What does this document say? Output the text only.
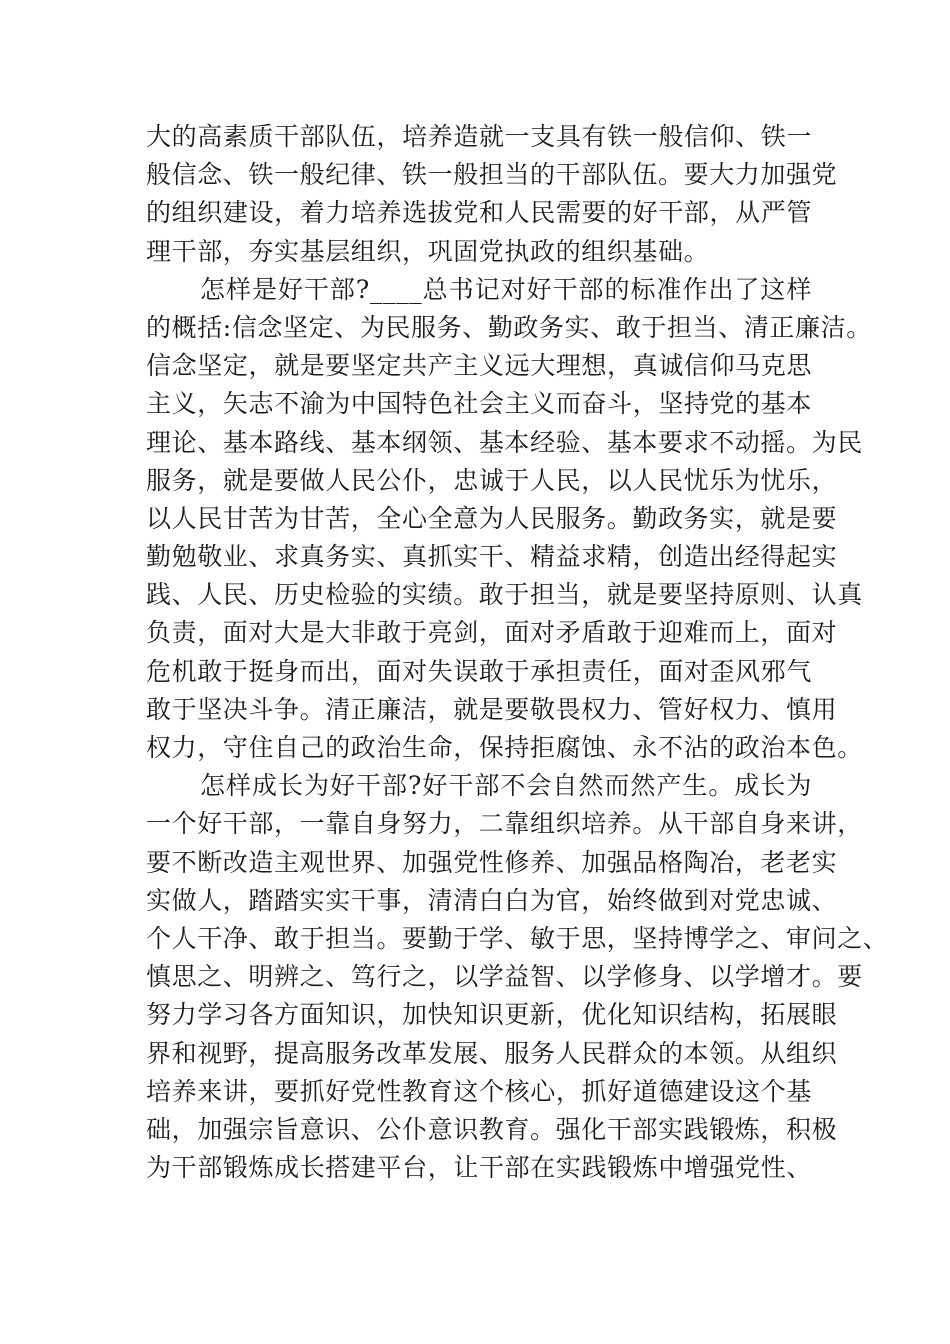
大的高素质干部队伍，培养造就一支具有铁一般信仰、铁一
般信念、铁一般纪律、铁一般担当的干部队伍。要大力加强党
的组织建设，着力培养选拔党和人民需要的好干部，从严管
理干部，夯实基层组织，巩固党执政的组织基础。
怎样是好干部?____总书记对好干部的标准作出了这样
的概括:信念坚定、为民服务、勤政务实、敢于担当、清正廉洁。
信念坚定，就是要坚定共产主义远大理想，真诚信仰马克思
主义，矢志不渝为中国特色社会主义而奋斗，坚持党的基本
理论、基本路线、基本纲领、基本经验、基本要求不动摇。为民
服务，就是要做人民公仆，忠诚于人民，以人民忧乐为忧乐，
以人民甘苦为甘苦，全心全意为人民服务。勤政务实，就是要
勤勉敬业、求真务实、真抓实干、精益求精，创造出经得起实
践、人民、历史检验的实绩。敢于担当，就是要坚持原则、认真
负责，面对大是大非敢于亮剑，面对矛盾敢于迎难而上，面对
危机敢于挺身而出，面对失误敢于承担责任，面对歪风邪气
敢于坚决斗争。清正廉洁，就是要敬畏权力、管好权力、慎用
权力，守住自己的政治生命，保持拒腐蚀、永不沾的政治本色。
怎样成长为好干部?好干部不会自然而然产生。成长为
一个好干部，一靠自身努力，二靠组织培养。从干部自身来讲，
要不断改造主观世界、加强党性修养、加强品格陶冶，老老实
实做人，踏踏实实干事，清清白白为官，始终做到对党忠诚、
个人干净、敢于担当。要勤于学、敏于思，坚持博学之、审问之、
慎思之、明辨之、笃行之，以学益智、以学修身、以学增才。要
努力学习各方面知识，加快知识更新，优化知识结构，拓展眼
界和视野，提高服务改革发展、服务人民群众的本领。从组织
培养来讲，要抓好党性教育这个核心，抓好道德建设这个基
础，加强宗旨意识、公仆意识教育。强化干部实践锻炼，积极
为干部锻炼成长搭建平台，让干部在实践锻炼中增强党性、
